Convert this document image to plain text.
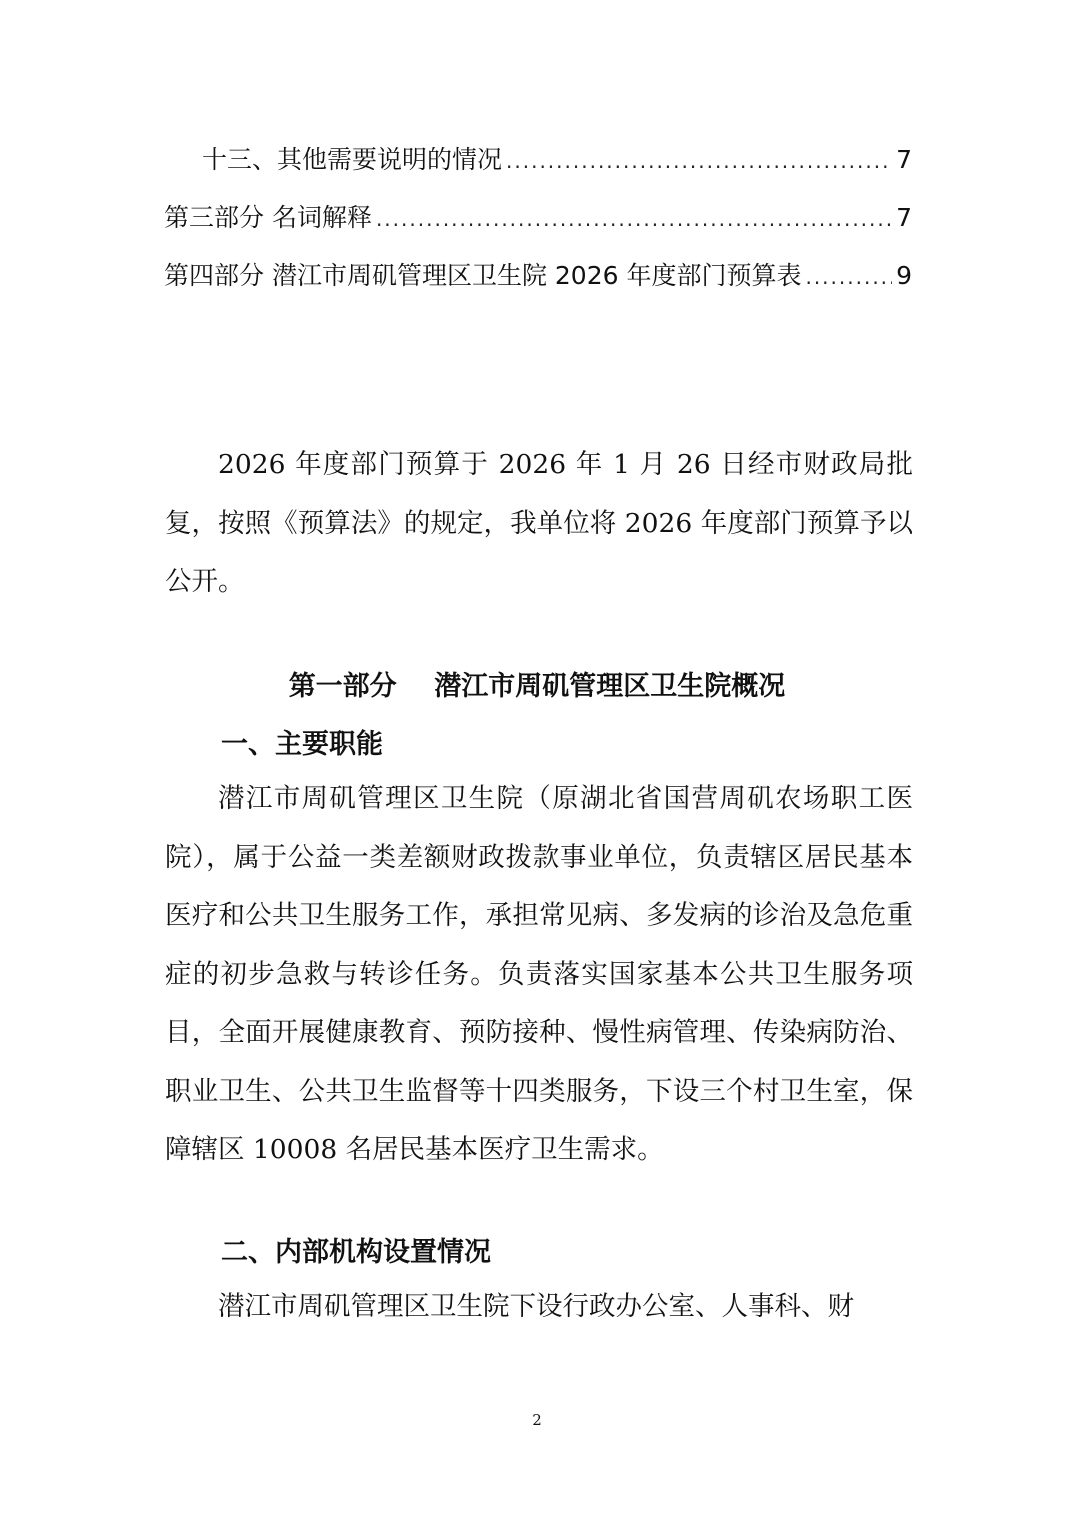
十三、其他需要说明的情况 .....	7
第三部分 名词解释 .....	7
第四部分 潜江市周矶管理区卫生院 2026 年度部门预算表 .....	9

2026 年度部门预算于 2026 年 1 月 26 日经市财政局批复，按照《预算法》的规定，我单位将 2026 年度部门预算予以公开。

第一部分    潜江市周矶管理区卫生院概况
一、主要职能

潜江市周矶管理区卫生院（原湖北省国营周矶农场职工医院），属于公益一类差额财政拨款事业单位，负责辖区居民基本医疗和公共卫生服务工作，承担常见病、多发病的诊治及急危重症的初步急救与转诊任务。负责落实国家基本公共卫生服务项目，全面开展健康教育、预防接种、慢性病管理、传染病防治、职业卫生、公共卫生监督等十四类服务，下设三个村卫生室，保障辖区 10008 名居民基本医疗卫生需求。

二、内部机构设置情况

潜江市周矶管理区卫生院下设行政办公室、人事科、财

2
